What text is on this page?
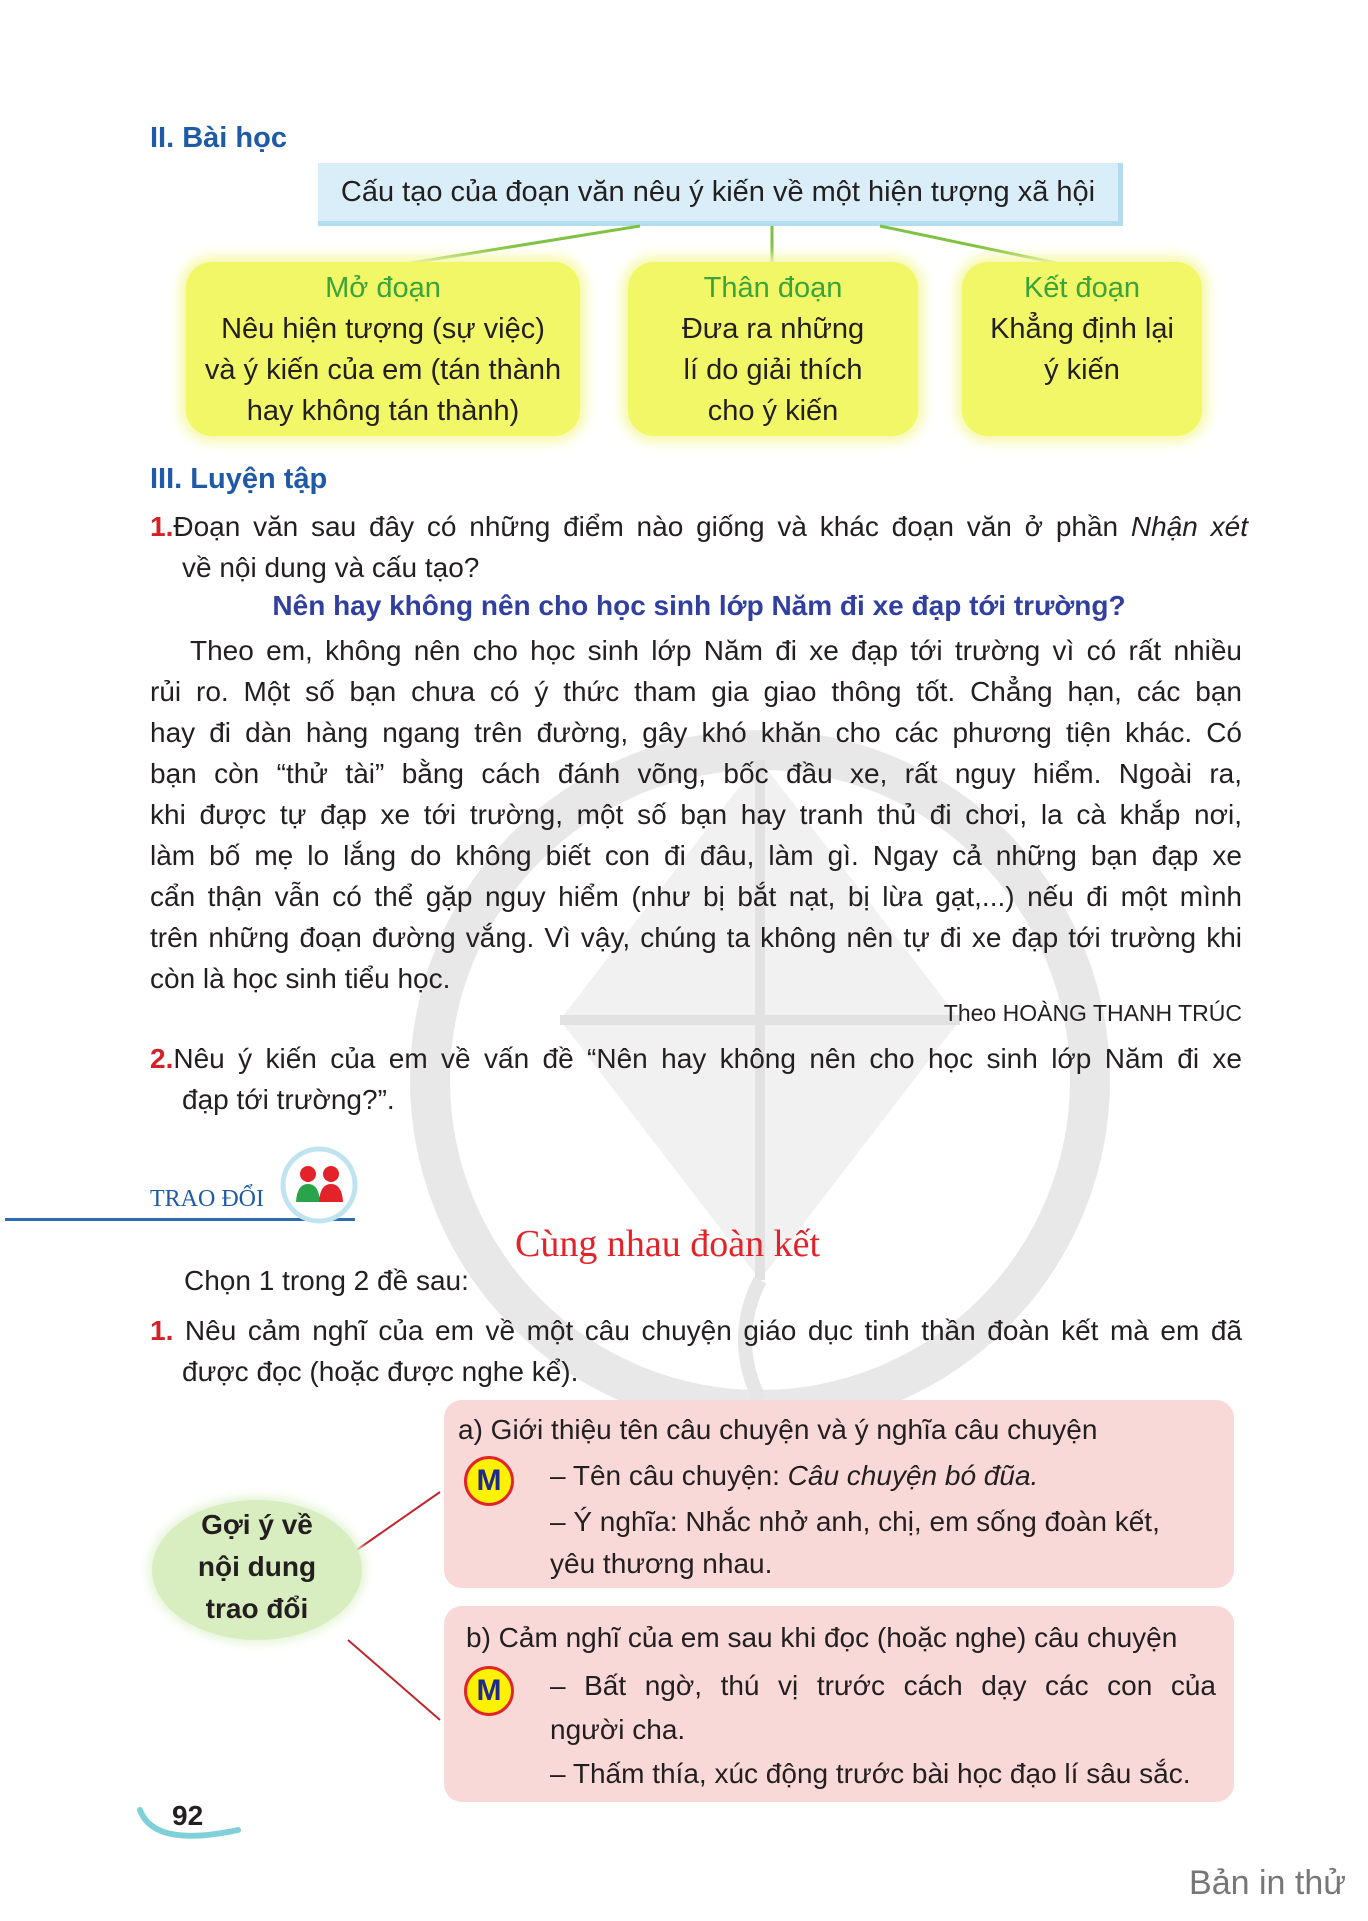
II. Bài học
Cấu tạo của đoạn văn nêu ý kiến về một hiện tượng xã hội
Mở đoạn
Nêu hiện tượng (sự việc)
và ý kiến của em (tán thành
hay không tán thành)
Thân đoạn
Đưa ra những
lí do giải thích
cho ý kiến
Kết đoạn
Khẳng định lại
ý kiến
III. Luyện tập
1.Đoạn văn sau đây có những điểm nào giống và khác đoạn văn ở phần Nhận xét
về nội dung và cấu tạo?
Nên hay không nên cho học sinh lớp Năm đi xe đạp tới trường?
Theo em, không nên cho học sinh lớp Năm đi xe đạp tới trường vì có rất nhiều
rủi ro. Một số bạn chưa có ý thức tham gia giao thông tốt. Chẳng hạn, các bạn
hay đi dàn hàng ngang trên đường, gây khó khăn cho các phương tiện khác. Có
bạn còn “thử tài” bằng cách đánh võng, bốc đầu xe, rất nguy hiểm. Ngoài ra,
khi được tự đạp xe tới trường, một số bạn hay tranh thủ đi chơi, la cà khắp nơi,
làm bố mẹ lo lắng do không biết con đi đâu, làm gì. Ngay cả những bạn đạp xe
cẩn thận vẫn có thể gặp nguy hiểm (như bị bắt nạt, bị lừa gạt,...) nếu đi một mình
trên những đoạn đường vắng. Vì vậy, chúng ta không nên tự đi xe đạp tới trường khi
còn là học sinh tiểu học.
Theo HOÀNG THANH TRÚC
2.Nêu ý kiến của em về vấn đề “Nên hay không nên cho học sinh lớp Năm đi xe
đạp tới trường?”.
TRAO ĐỔI
Cùng nhau đoàn kết
Chọn 1 trong 2 đề sau:
1. Nêu cảm nghĩ của em về một câu chuyện giáo dục tinh thần đoàn kết mà em đã
được đọc (hoặc được nghe kể).
Gợi ý về
nội dung
trao đổi
a) Giới thiệu tên câu chuyện và ý nghĩa câu chuyện
M	– Tên câu chuyện: Câu chuyện bó đũa.
– Ý nghĩa: Nhắc nhở anh, chị, em sống đoàn kết,
yêu thương nhau.
b) Cảm nghĩ của em sau khi đọc (hoặc nghe) câu chuyện
M	– Bất ngờ, thú vị trước cách dạy các con của
người cha.
– Thấm thía, xúc động trước bài học đạo lí sâu sắc.
92
Bản in thử
